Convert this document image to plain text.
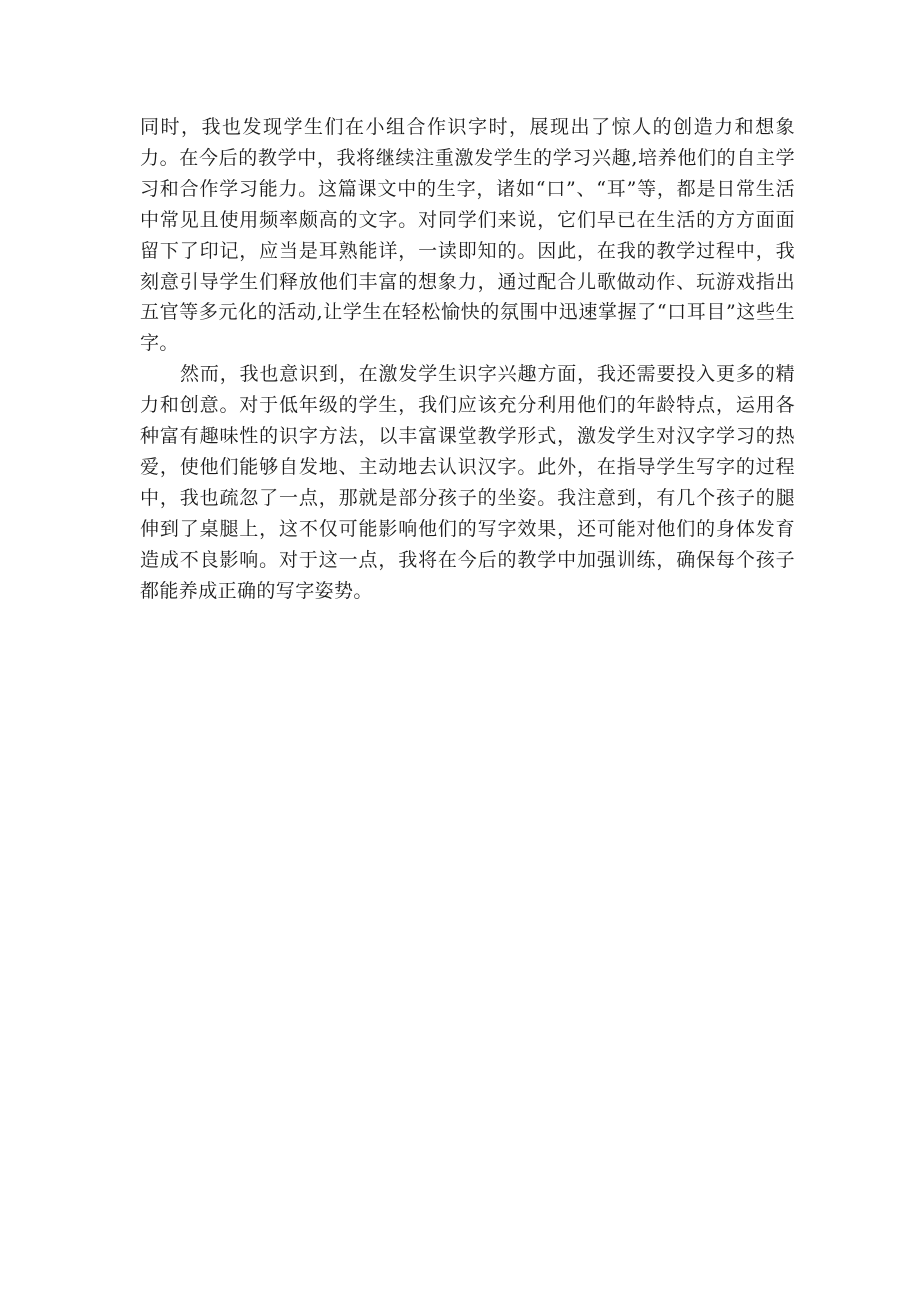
同时，我也发现学生们在小组合作识字时，展现出了惊人的创造力和想象力。在今后的教学中，我将继续注重激发学生的学习兴趣,培养他们的自主学习和合作学习能力。这篇课文中的生字，诸如“口”、“耳”等，都是日常生活中常见且使用频率颇高的文字。对同学们来说，它们早已在生活的方方面面留下了印记，应当是耳熟能详，一读即知的。因此，在我的教学过程中，我刻意引导学生们释放他们丰富的想象力，通过配合儿歌做动作、玩游戏指出五官等多元化的活动,让学生在轻松愉快的氛围中迅速掌握了“口耳目”这些生字。

然而，我也意识到，在激发学生识字兴趣方面，我还需要投入更多的精力和创意。对于低年级的学生，我们应该充分利用他们的年龄特点，运用各种富有趣味性的识字方法，以丰富课堂教学形式，激发学生对汉字学习的热爱，使他们能够自发地、主动地去认识汉字。此外，在指导学生写字的过程中，我也疏忽了一点，那就是部分孩子的坐姿。我注意到，有几个孩子的腿伸到了桌腿上，这不仅可能影响他们的写字效果，还可能对他们的身体发育造成不良影响。对于这一点，我将在今后的教学中加强训练，确保每个孩子都能养成正确的写字姿势。
